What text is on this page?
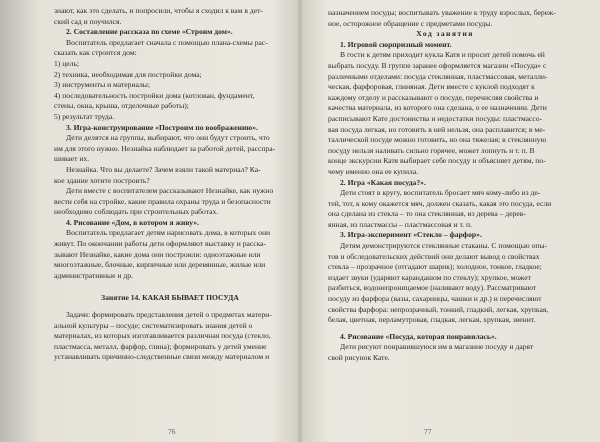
знают, как это сделать, и попросили, чтобы я сходил к вам в дет-

ский сад и поучился.

2. Составление рассказа по схеме «Строим дом».

Воспитатель предлагает сначала с помощью плана-схемы рас-

сказать как строится дом:

1) цель;

2) техника, необходимая для постройки дома;

3) инструменты и материалы;

4) последовательность постройки дома (котлован, фундамент,

стены, окна, крыша, отделочные работы);

5) результат труда.

3. Игра-конструирование «Построим по воображению».

Дети делятся на группы, выбирают, что они будут строить, что

им для этого нужно. Незнайка наблюдает за работой детей, расспра-

шивает их.

Незнайка. Что вы делаете? Зачем взяли такой материал? Ка-

кое здание хотите построить?

Дети вместе с воспитателем рассказывают Незнайке, как нужно

вести себя на стройке, какие правила охраны труда и безопасности

необходимо соблюдать при строительных работах.

4. Рисование «Дом, в котором я живу».

Воспитатель предлагает детям нарисовать дома, в которых они

живут. По окончании работы дети оформляют выставку и расска-

зывают Незнайке, какие дома они построили: одноэтажные или

многоэтажные, блочные, кирпичные или деревянные, жилые или

административные и др.

Занятие 14. КАКАЯ БЫВАЕТ ПОСУДА

Задачи: формировать представления детей о предметах матери-

альной культуры – посуде; систематизировать знания детей о

материалах, из которых изготавливается различная посуда (стекло,

пластмасса, металл, фарфор, глина); формировать у детей умение

устанавливать причинно-следственные связи между материалом и

76

назначением посуды; воспитывать уважение к труду взрослых, береж-

ное, осторожное обращение с предметами посуды.

Ход занятия

1. Игровой сюрпризный момент.

В гости к детям приходит кукла Катя и просит детей помочь ей

выбрать посуду. В группе заранее оформляется магазин «Посуда» с

различными отделами: посуда стеклянная, пластмассовая, металли-

ческая, фарфоровая, глиняная. Дети вместе с куклой подходят к

каждому отделу и рассказывают о посуде, перечисляя свойства и

качества материала, из которого она сделана, о ее назначении. Дети

расписывают Кате достоинства и недостатки посуды: пластмассо-

вая посуда легкая, но готовить в ней нельзя, она расплавится; в ме-

таллической посуде можно готовить, но она тяжелая; в стеклянную

посуду нельзя наливать сильно горячее, может лопнуть и т. п. В

конце экскурсии Катя выбирает себе посуду и объясняет детям, по-

чему именно она ее купила.

2. Игра «Какая посуда?».

Дети стоят в кругу, воспитатель бросает мяч кому-либо из де-

тей, тот, к кому окажется мяч, должен сказать, какая это посуда, если

она сделана из стекла – то она стеклянная, из дерева – дерев-

янная, из пластмассы – пластмассовая и т. п.

3. Игра-эксперимент «Стекло – фарфор».

Детям демонстрируются стеклянные стаканы. С помощью опы-

тов и обследовательских действий они делают вывод о свойствах

стекла – прозрачное (отгадают шарик); холодное, тонкое, гладкое;

издает звуки (ударяют карандашом по стеклу); хрупкое, может

разбиться, водонепроницаемое (наливают воду). Рассматривают

посуду из фарфора (вазы, сахарницы, чашки и др.) и перечисляют

свойства фарфора: непрозрачный, тонкий, гладкий, легкая, хрупкая,

белая, цветная, перламутровая, гладкая, легкая, хрупкая, звенит.

4. Рисование «Посуда, которая понравилась».

Дети рисуют понравившуюся им в магазине посуду и дарят

свой рисунок Кате.

77
